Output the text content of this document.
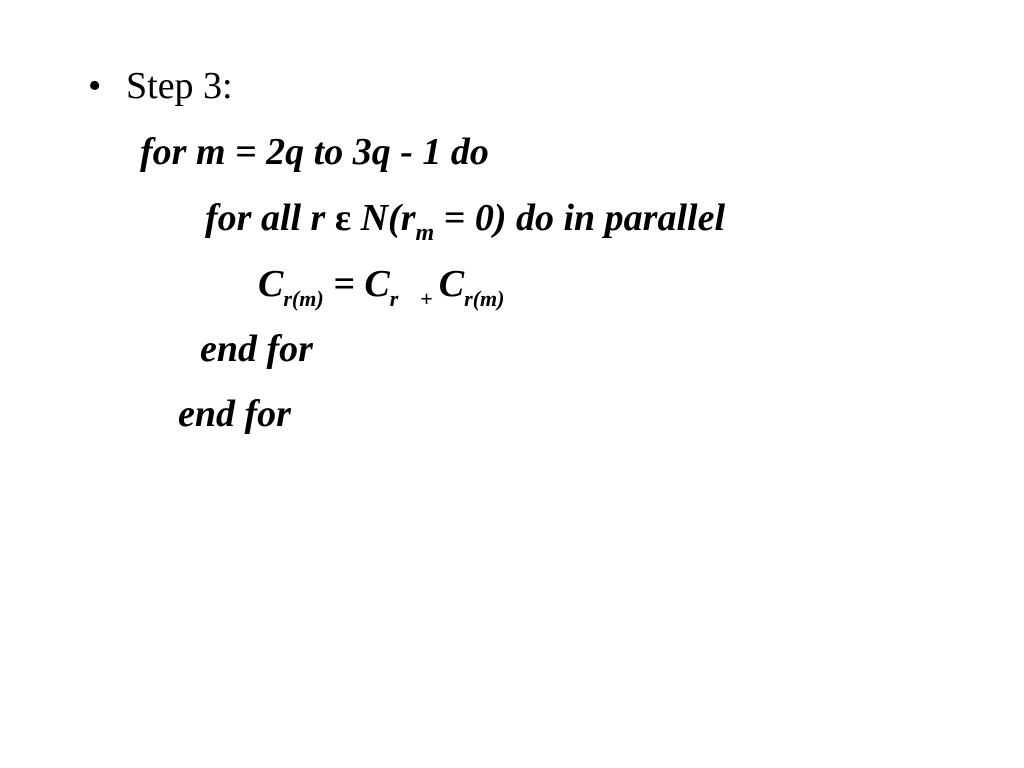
• Step 3:
for m = 2q to 3q - 1 do
for all r ε $N(r_m = 0)$ do in parallel
$C_{r(m)} = C_r$ $_+$ $C_{r(m)}$
end for
end for
